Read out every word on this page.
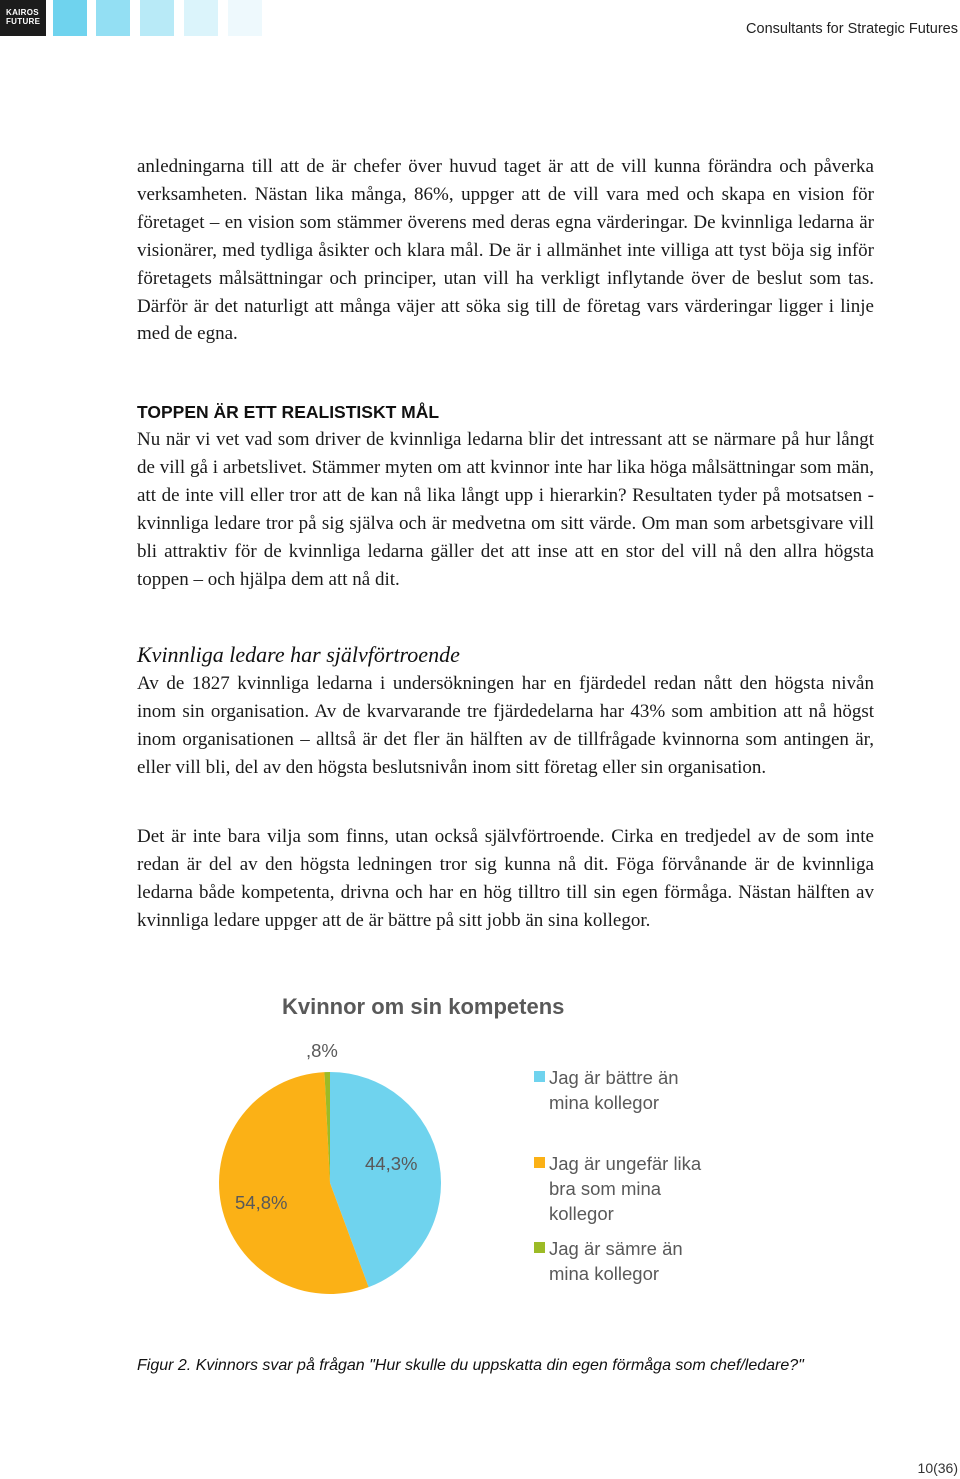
KAIROS
FUTURE	Consultants for Strategic Futures

anledningarna till att de är chefer över huvud taget är att de vill kunna förändra och påverka verksamheten. Nästan lika många, 86%, uppger att de vill vara med och skapa en vision för företaget – en vision som stämmer överens med deras egna värderingar. De kvinnliga ledarna är visionärer, med tydliga åsikter och klara mål. De är i allmänhet inte villiga att tyst böja sig inför företagets målsättningar och principer, utan vill ha verkligt inflytande över de beslut som tas. Därför är det naturligt att många väjer att söka sig till de företag vars värderingar ligger i linje med de egna.

TOPPEN ÄR ETT REALISTISKT MÅL

Nu när vi vet vad som driver de kvinnliga ledarna blir det intressant att se närmare på hur långt de vill gå i arbetslivet. Stämmer myten om att kvinnor inte har lika höga målsättningar som män, att de inte vill eller tror att de kan nå lika långt upp i hierarkin? Resultaten tyder på motsatsen - kvinnliga ledare tror på sig själva och är medvetna om sitt värde. Om man som arbetsgivare vill bli attraktiv för de kvinnliga ledarna gäller det att inse att en stor del vill nå den allra högsta toppen – och hjälpa dem att nå dit.

Kvinnliga ledare har självförtroende

Av de 1827 kvinnliga ledarna i undersökningen har en fjärdedel redan nått den högsta nivån inom sin organisation. Av de kvarvarande tre fjärdedelarna har 43% som ambition att nå högst inom organisationen – alltså är det fler än hälften av de tillfrågade kvinnorna som antingen är, eller vill bli, del av den högsta beslutsnivån inom sitt företag eller sin organisation.

Det är inte bara vilja som finns, utan också självförtroende. Cirka en tredjedel av de som inte redan är del av den högsta ledningen tror sig kunna nå dit. Föga förvånande är de kvinnliga ledarna både kompetenta, drivna och har en hög tilltro till sin egen förmåga. Nästan hälften av kvinnliga ledare uppger att de är bättre på sitt jobb än sina kollegor.

Kvinnor om sin kompetens
44,3%
54,8%
,8%
Jag är bättre än
mina kollegor
Jag är ungefär lika
bra som mina
kollegor
Jag är sämre än
mina kollegor
Figur 2. Kvinnors svar på frågan "Hur skulle du uppskatta din egen förmåga som chef/ledare?"
10(36)
